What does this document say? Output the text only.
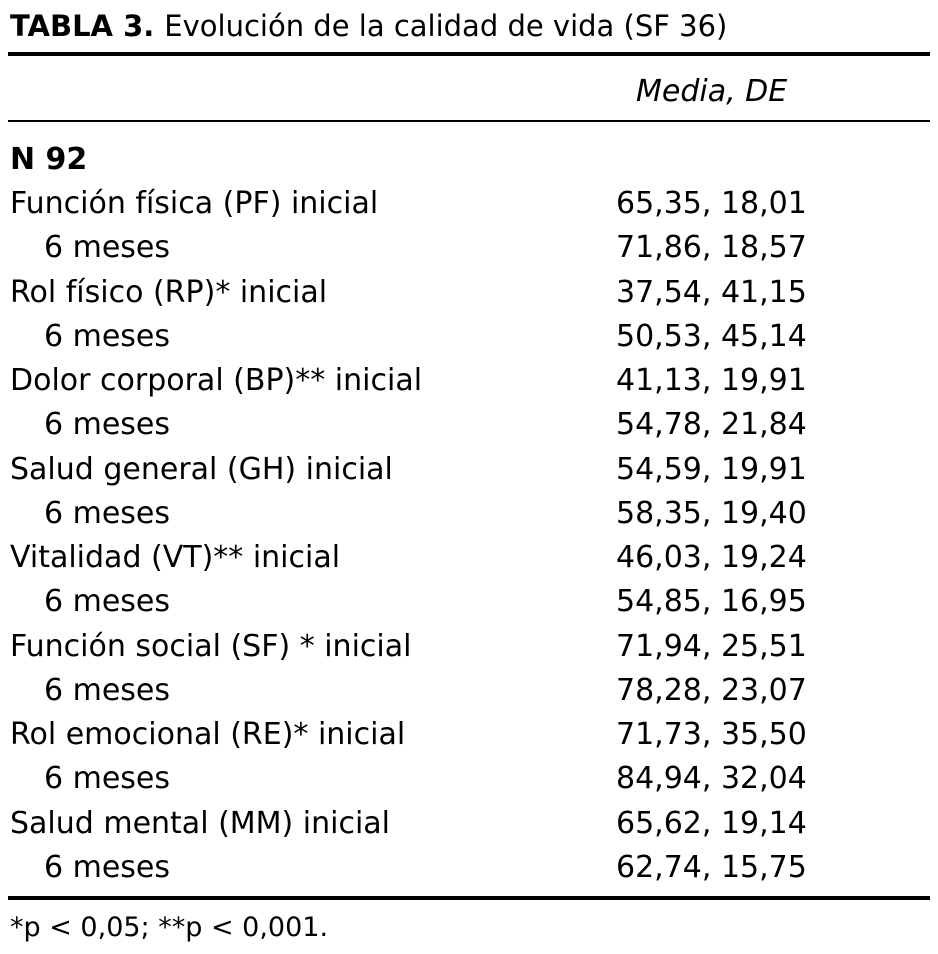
TABLA 3. Evolución de la calidad de vida (SF 36)
Media, DE
N 92
Función física (PF) inicial	65,35, 18,01
6 meses	71,86, 18,57
Rol físico (RP)* inicial	37,54, 41,15
6 meses	50,53, 45,14
Dolor corporal (BP)** inicial	41,13, 19,91
6 meses	54,78, 21,84
Salud general (GH) inicial	54,59, 19,91
6 meses	58,35, 19,40
Vitalidad (VT)** inicial	46,03, 19,24
6 meses	54,85, 16,95
Función social (SF) * inicial	71,94, 25,51
6 meses	78,28, 23,07
Rol emocional (RE)* inicial	71,73, 35,50
6 meses	84,94, 32,04
Salud mental (MM) inicial	65,62, 19,14
6 meses	62,74, 15,75
*p < 0,05; **p < 0,001.
